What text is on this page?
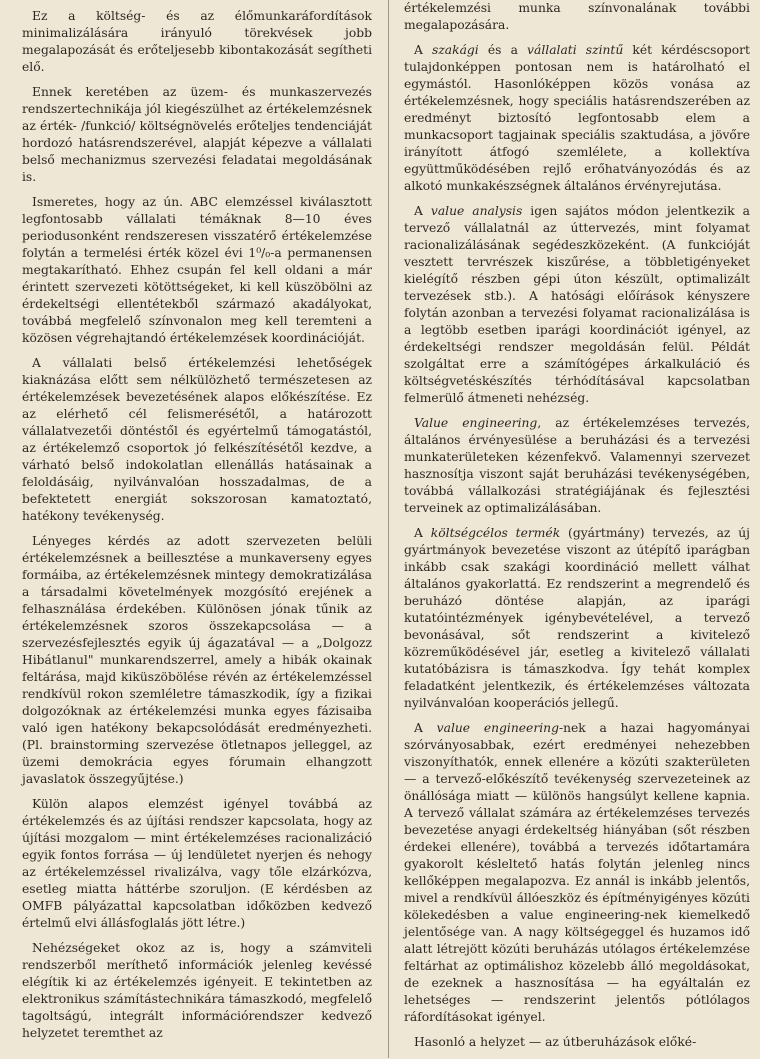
Ez a költség- és az élőmunkaráfordítások minimalizálására irányuló törekvések jobb megalapozását és erőteljesebb kibontakozását segítheti elő.

Ennek keretében az üzem- és munkaszervezés rendszertechnikája jól kiegészülhet az értékelemzésnek az érték- /funkció/ költségnövelés erőteljes tendenciáját hordozó hatásrendszerével, alapját képezve a vállalati belső mechanizmus szervezési feladatai megoldásának is.

Ismeretes, hogy az ún. ABC elemzéssel kiválasztott legfontosabb vállalati témáknak 8—10 éves periodusonként rendszeresen visszatérő értékelemzése folytán a termelési érték közel évi 1⁰/₀-a permanensen megtakarítható. Ehhez csupán fel kell oldani a már érintett szervezeti kötöttségeket, ki kell küszöbölni az érdekeltségi ellentétekből származó akadályokat, továbbá megfelelő színvonalon meg kell teremteni a közösen végrehajtandó értékelemzések koordinációját.

A vállalati belső értékelemzési lehetőségek kiaknázása előtt sem nélkülözhető természetesen az értékelemzések bevezetésének alapos előkészítése. Ez az elérhető cél felismerésétől, a határozott vállalatvezetői döntéstől és egyértelmű támogatástól, az értékelemző csoportok jó felkészítésétől kezdve, a várható belső indokolatlan ellenállás hatásainak a feloldásáig, nyilvánvalóan hosszadalmas, de a befektetett energiát sokszorosan kamatoztató, hatékony tevékenység.

Lényeges kérdés az adott szervezeten belüli értékelemzésnek a beillesztése a munkaverseny egyes formáiba, az értékelemzésnek mintegy demokratizálása a társadalmi követelmények mozgósító erejének a felhasználása érdekében. Különösen jónak tűnik az értékelemzésnek szoros összekapcsolása — a szervezésfejlesztés egyik új ágazatával — a „Dolgozz Hibátlanul" munkarendszerrel, amely a hibák okainak feltárása, majd kiküszöbölése révén az értékelemzéssel rendkívül rokon szemléletre támaszkodik, így a fizikai dolgozóknak az értékelemzési munka egyes fázisaiba való igen hatékony bekapcsolódását eredményezheti. (Pl. brainstorming szervezése ötletnapos jelleggel, az üzemi demokrácia egyes fórumain elhangzott javaslatok összegyűjtése.)

Külön alapos elemzést igényel továbbá az értékelemzés és az újítási rendszer kapcsolata, hogy az újítási mozgalom — mint értékelemzéses racionalizáció egyik fontos forrása — új lendületet nyerjen és nehogy az értékelemzéssel rivalizálva, vagy tőle elzárkózva, esetleg miatta háttérbe szoruljon. (E kérdésben az OMFB pályázattal kapcsolatban időközben kedvező értelmű elvi állásfoglalás jött létre.)

Nehézségeket okoz az is, hogy a számviteli rendszerből meríthető információk jelenleg kevéssé elégítik ki az értékelemzés igényeit. E tekintetben az elektronikus számítástechnikára támaszkodó, megfelelő tagoltságú, integrált információrendszer kedvező helyzetet teremthet az

értékelemzési munka színvonalának további megalapozására.

A szakági és a vállalati szintű két kérdéscsoport tulajdonképpen pontosan nem is határolható el egymástól. Hasonlóképpen közös vonása az értékelemzésnek, hogy speciális hatásrendszerében az eredményt biztosító legfontosabb elem a munkacsoport tagjainak speciális szaktudása, a jövőre irányított átfogó szemlélete, a kollektíva együttműködésében rejlő erőhatványozódás és az alkotó munkakészségnek általános érvényrejutása.

A value analysis igen sajátos módon jelentkezik a tervező vállalatnál az úttervezés, mint folyamat racionalizálásának segédeszközeként. (A funkcióját vesztett tervrészek kiszűrése, a többletigényeket kielégítő részben gépi úton készült, optimalizált tervezések stb.). A hatósági előírások kényszere folytán azonban a tervezési folyamat racionalizálása is a legtöbb esetben iparági koordinációt igényel, az érdekeltségi rendszer megoldásán felül. Példát szolgáltat erre a számítógépes árkalkuláció és költségvetéskészítés térhódításával kapcsolatban felmerülő átmeneti nehézség.

Value engineering, az értékelemzéses tervezés, általános érvényesülése a beruházási és a tervezési munkaterületeken kézenfekvő. Valamennyi szervezet hasznosítja viszont saját beruházási tevékenységében, továbbá vállalkozási stratégiájának és fejlesztési terveinek az optimalizálásában.

A költségcélos termék (gyártmány) tervezés, az új gyártmányok bevezetése viszont az útépítő iparágban inkább csak szakági koordináció mellett válhat általános gyakorlattá. Ez rendszerint a megrendelő és beruházó döntése alapján, az iparági kutatóintézmények igénybevételével, a tervező bevonásával, sőt rendszerint a kivitelező közreműködésével jár, esetleg a kivitelező vállalati kutatóbázisra is támaszkodva. Így tehát komplex feladatként jelentkezik, és értékelemzéses változata nyilvánvalóan kooperációs jellegű.

A value engineering-nek a hazai hagyományai szórványosabbak, ezért eredményei nehezebben viszonyíthatók, ennek ellenére a közúti szakterületen — a tervező-előkészítő tevékenység szervezeteinek az önállósága miatt — különös hangsúlyt kellene kapnia. A tervező vállalat számára az értékelemzéses tervezés bevezetése anyagi érdekeltség hiányában (sőt részben érdekei ellenére), továbbá a tervezés időtartamára gyakorolt késleltető hatás folytán jelenleg nincs kellőképpen megalapozva. Ez annál is inkább jelentős, mivel a rendkívül állóeszköz és építményigényes közúti kölekedésben a value engineering-nek kiemelkedő jelentősége van. A nagy költségeggel és huzamos idő alatt létrejött közúti beruházás utólagos értékelemzése feltárhat az optimálishoz közelebb álló megoldásokat, de ezeknek a hasznosítása — ha egyáltalán ez lehetséges — rendszerint jelentős pótlólagos ráfordításokat igényel.

Hasonló a helyzet — az útberuházások előké-
